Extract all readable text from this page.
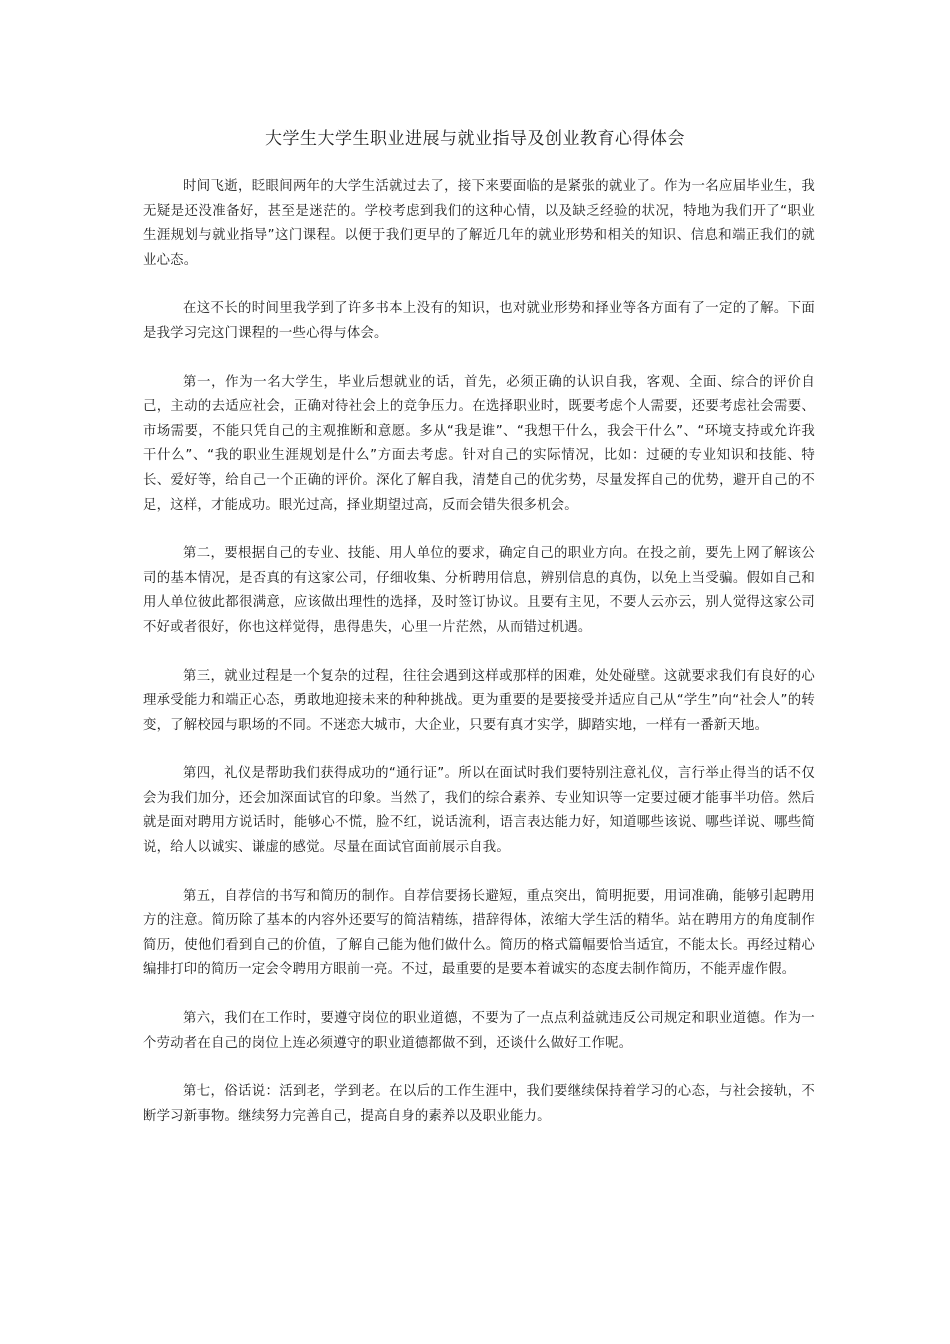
大学生大学生职业进展与就业指导及创业教育心得体会

时间飞逝，眨眼间两年的大学生活就过去了，接下来要面临的是紧张的就业了。作为一名应届毕业生，我无疑是还没准备好，甚至是迷茫的。学校考虑到我们的这种心情，以及缺乏经验的状况，特地为我们开了“职业生涯规划与就业指导”这门课程。以便于我们更早的了解近几年的就业形势和相关的知识、信息和端正我们的就业心态。

在这不长的时间里我学到了许多书本上没有的知识，也对就业形势和择业等各方面有了一定的了解。下面是我学习完这门课程的一些心得与体会。

第一，作为一名大学生，毕业后想就业的话，首先，必须正确的认识自我，客观、全面、综合的评价自己，主动的去适应社会，正确对待社会上的竞争压力。在选择职业时，既要考虑个人需要，还要考虑社会需要、市场需要，不能只凭自己的主观推断和意愿。多从“我是谁”、“我想干什么，我会干什么”、“环境支持或允许我干什么”、“我的职业生涯规划是什么”方面去考虑。针对自己的实际情况，比如：过硬的专业知识和技能、特长、爱好等，给自己一个正确的评价。深化了解自我，清楚自己的优劣势，尽量发挥自己的优势，避开自己的不足，这样，才能成功。眼光过高，择业期望过高，反而会错失很多机会。

第二，要根据自己的专业、技能、用人单位的要求，确定自己的职业方向。在投之前，要先上网了解该公司的基本情况，是否真的有这家公司，仔细收集、分析聘用信息，辨别信息的真伪，以免上当受骗。假如自己和用人单位彼此都很满意，应该做出理性的选择，及时签订协议。且要有主见，不要人云亦云，别人觉得这家公司不好或者很好，你也这样觉得，患得患失，心里一片茫然，从而错过机遇。

第三，就业过程是一个复杂的过程，往往会遇到这样或那样的困难，处处碰壁。这就要求我们有良好的心理承受能力和端正心态，勇敢地迎接未来的种种挑战。更为重要的是要接受并适应自己从“学生”向“社会人”的转变，了解校园与职场的不同。不迷恋大城市，大企业，只要有真才实学，脚踏实地，一样有一番新天地。

第四，礼仪是帮助我们获得成功的“通行证”。所以在面试时我们要特别注意礼仪，言行举止得当的话不仅会为我们加分，还会加深面试官的印象。当然了，我们的综合素养、专业知识等一定要过硬才能事半功倍。然后就是面对聘用方说话时，能够心不慌，脸不红，说话流利，语言表达能力好，知道哪些该说、哪些详说、哪些简说，给人以诚实、谦虚的感觉。尽量在面试官面前展示自我。

第五，自荐信的书写和简历的制作。自荐信要扬长避短，重点突出，简明扼要，用词准确，能够引起聘用方的注意。简历除了基本的内容外还要写的简洁精练，措辞得体，浓缩大学生活的精华。站在聘用方的角度制作简历，使他们看到自己的价值，了解自己能为他们做什么。简历的格式篇幅要恰当适宜，不能太长。再经过精心编排打印的简历一定会令聘用方眼前一亮。不过，最重要的是要本着诚实的态度去制作简历，不能弄虚作假。

第六，我们在工作时，要遵守岗位的职业道德，不要为了一点点利益就违反公司规定和职业道德。作为一个劳动者在自己的岗位上连必须遵守的职业道德都做不到，还谈什么做好工作呢。

第七，俗话说：活到老，学到老。在以后的工作生涯中，我们要继续保持着学习的心态，与社会接轨，不断学习新事物。继续努力完善自己，提高自身的素养以及职业能力。
